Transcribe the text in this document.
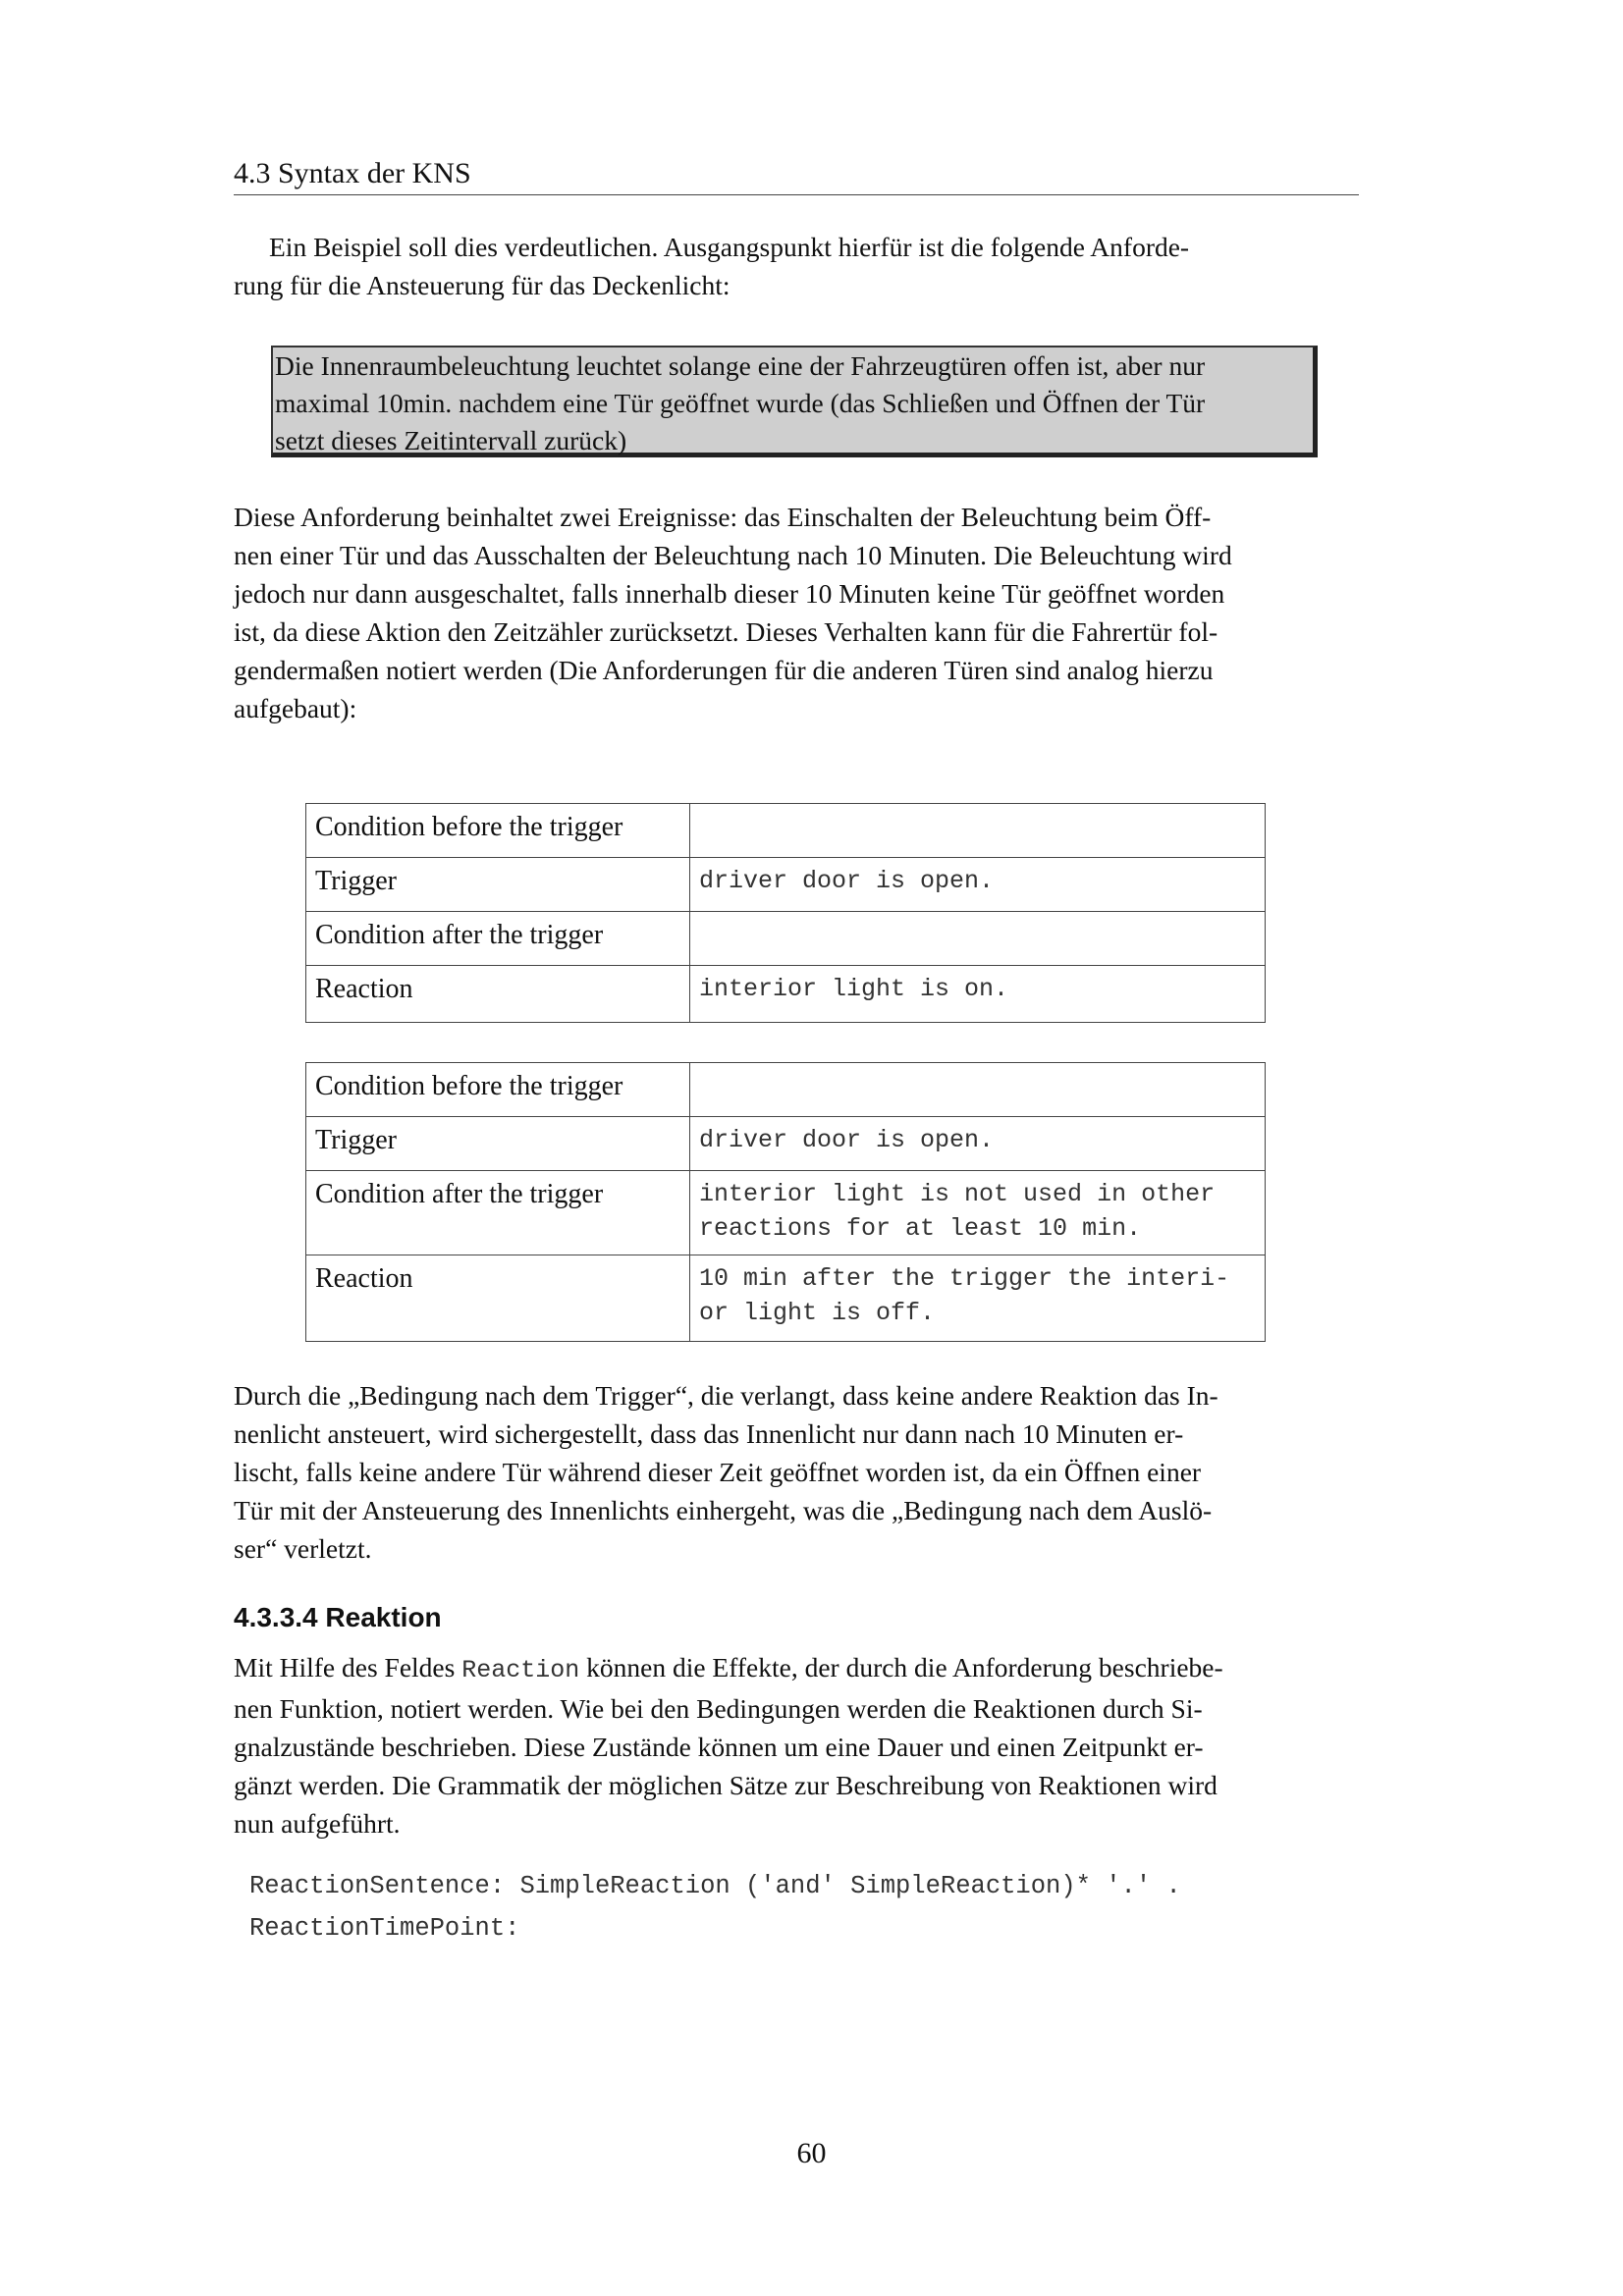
4.3 Syntax der KNS

Ein Beispiel soll dies verdeutlichen. Ausgangspunkt hierfür ist die folgende Anforde-
rung für die Ansteuerung für das Deckenlicht:

Die Innenraumbeleuchtung leuchtet solange eine der Fahrzeugtüren offen ist, aber nur
maximal 10min. nachdem eine Tür geöffnet wurde (das Schließen und Öffnen der Tür
setzt dieses Zeitintervall zurück)

Diese Anforderung beinhaltet zwei Ereignisse: das Einschalten der Beleuchtung beim Öff-
nen einer Tür und das Ausschalten der Beleuchtung nach 10 Minuten. Die Beleuchtung wird
jedoch nur dann ausgeschaltet, falls innerhalb dieser 10 Minuten keine Tür geöffnet worden
ist, da diese Aktion den Zeitzähler zurücksetzt. Dieses Verhalten kann für die Fahrertür fol-
gendermaßen notiert werden (Die Anforderungen für die anderen Türen sind analog hierzu
aufgebaut):

Condition before the trigger	
Trigger	driver door is open.
Condition after the trigger	
Reaction	interior light is on.
Condition before the trigger	
Trigger	driver door is open.
Condition after the trigger	interior light is not used in other
reactions for at least 10 min.
Reaction	10 min after the trigger the interi-
or light is off.

Durch die „Bedingung nach dem Trigger“, die verlangt, dass keine andere Reaktion das In-
nenlicht ansteuert, wird sichergestellt, dass das Innenlicht nur dann nach 10 Minuten er-
lischt, falls keine andere Tür während dieser Zeit geöffnet worden ist, da ein Öffnen einer
Tür mit der Ansteuerung des Innenlichts einhergeht, was die „Bedingung nach dem Auslö-
ser“ verletzt.

4.3.3.4 Reaktion

Mit Hilfe des Feldes Reaction können die Effekte, der durch die Anforderung beschriebe-
nen Funktion, notiert werden. Wie bei den Bedingungen werden die Reaktionen durch Si-
gnalzustände beschrieben. Diese Zustände können um eine Dauer und einen Zeitpunkt er-
gänzt werden. Die Grammatik der möglichen Sätze zur Beschreibung von Reaktionen wird
nun aufgeführt.

ReactionSentence: SimpleReaction ('and' SimpleReaction)* '.' .
ReactionTimePoint:
60
